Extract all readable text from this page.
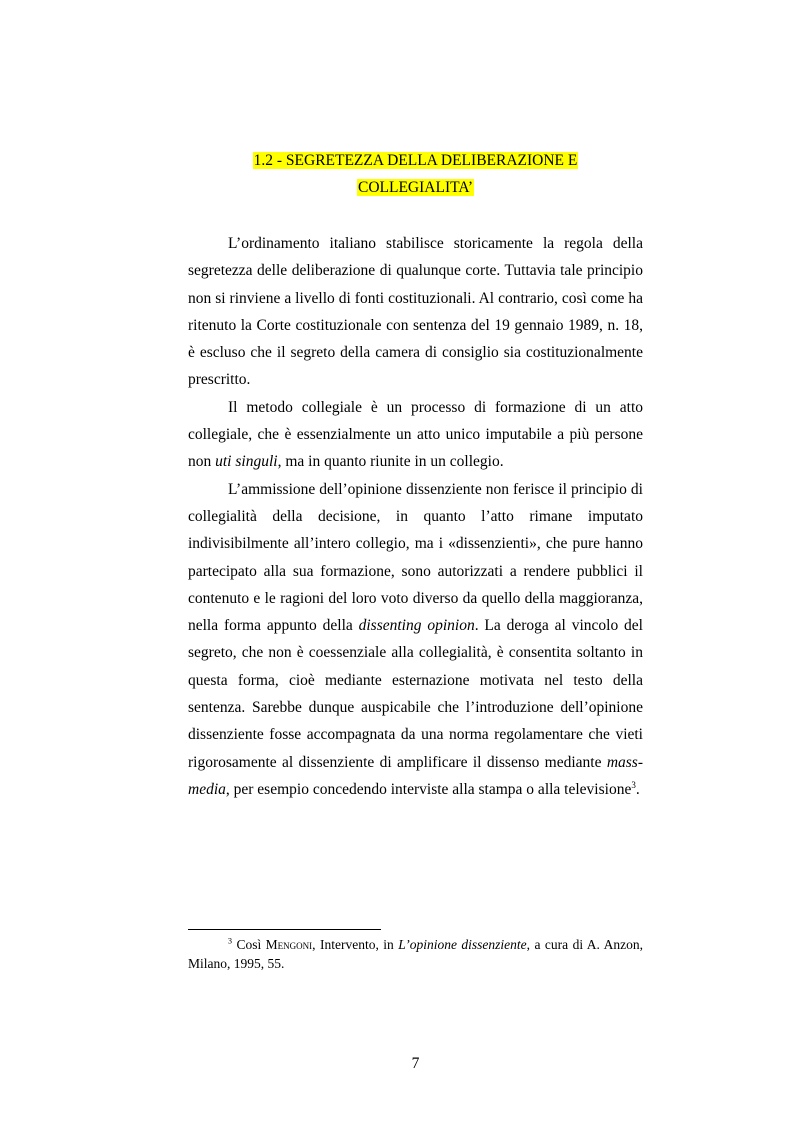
1.2 - SEGRETEZZA DELLA DELIBERAZIONE E
COLLEGIALITA’

L’ordinamento italiano stabilisce storicamente la regola della segretezza delle deliberazione di qualunque corte. Tuttavia tale principio non si rinviene a livello di fonti costituzionali. Al contrario, così come ha ritenuto la Corte costituzionale con sentenza del 19 gennaio 1989, n. 18, è escluso che il segreto della camera di consiglio sia costituzionalmente prescritto.

Il metodo collegiale è un processo di formazione di un atto collegiale, che è essenzialmente un atto unico imputabile a più persone non uti singuli, ma in quanto riunite in un collegio.

L’ammissione dell’opinione dissenziente non ferisce il principio di collegialità della decisione, in quanto l’atto rimane imputato indivisibilmente all’intero collegio, ma i «dissenzienti», che pure hanno partecipato alla sua formazione, sono autorizzati a rendere pubblici il contenuto e le ragioni del loro voto diverso da quello della maggioranza, nella forma appunto della dissenting opinion. La deroga al vincolo del segreto, che non è coessenziale alla collegialità, è consentita soltanto in questa forma, cioè mediante esternazione motivata nel testo della sentenza. Sarebbe dunque auspicabile che l’introduzione dell’opinione dissenziente fosse accompagnata da una norma regolamentare che vieti rigorosamente al dissenziente di amplificare il dissenso mediante mass-media, per esempio concedendo interviste alla stampa o alla televisione$^3$.

$^3$ Così Mengoni, Intervento, in L’opinione dissenziente, a cura di A. Anzon, Milano, 1995, 55.

7
